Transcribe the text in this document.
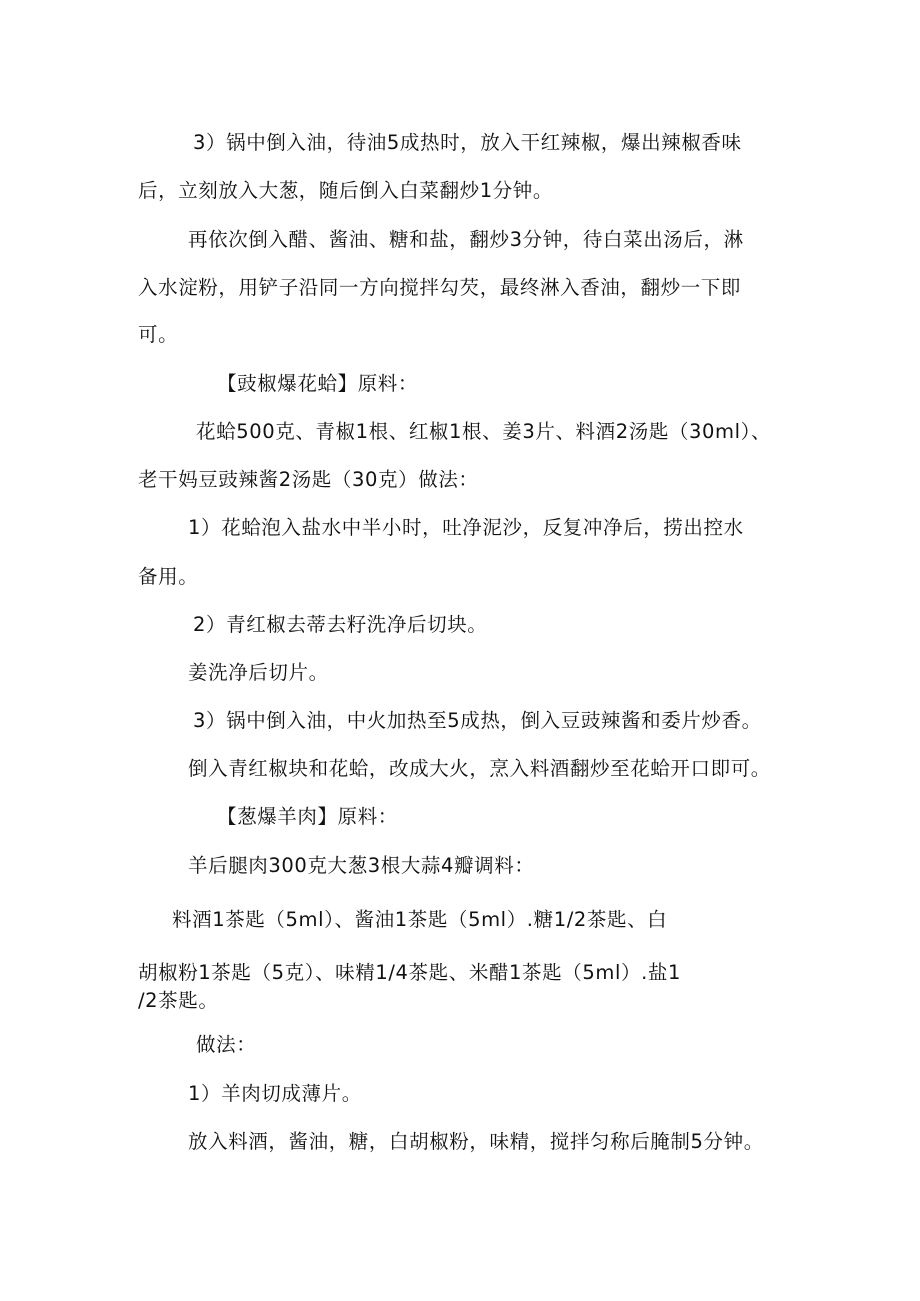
3）锅中倒入油，待油5成热时，放入干红辣椒，爆出辣椒香味
后，立刻放入大葱，随后倒入白菜翻炒1分钟。
再依次倒入醋、酱油、糖和盐，翻炒3分钟，待白菜出汤后，淋
入水淀粉，用铲子沿同一方向搅拌勾芡，最终淋入香油，翻炒一下即
可。
【豉椒爆花蛤】原料：
花蛤500克、青椒1根、红椒1根、姜3片、料酒2汤匙（30ml）、
老干妈豆豉辣酱2汤匙（30克）做法：
1）花蛤泡入盐水中半小时，吐净泥沙，反复冲净后，捞出控水
备用。
2）青红椒去蒂去籽洗净后切块。
姜洗净后切片。
3）锅中倒入油，中火加热至5成热，倒入豆豉辣酱和委片炒香。
倒入青红椒块和花蛤，改成大火，烹入料酒翻炒至花蛤开口即可。
【葱爆羊肉】原料：
羊后腿肉300克大葱3根大蒜4瓣调料：
料酒1茶匙（5ml）、酱油1茶匙（5ml）.糖1/2茶匙、白
胡椒粉1茶匙（5克）、味精1/4茶匙、米醋1茶匙（5ml）.盐1
/2茶匙。
做法：
1）羊肉切成薄片。
放入料酒，酱油，糖，白胡椒粉，味精，搅拌匀称后腌制5分钟。
